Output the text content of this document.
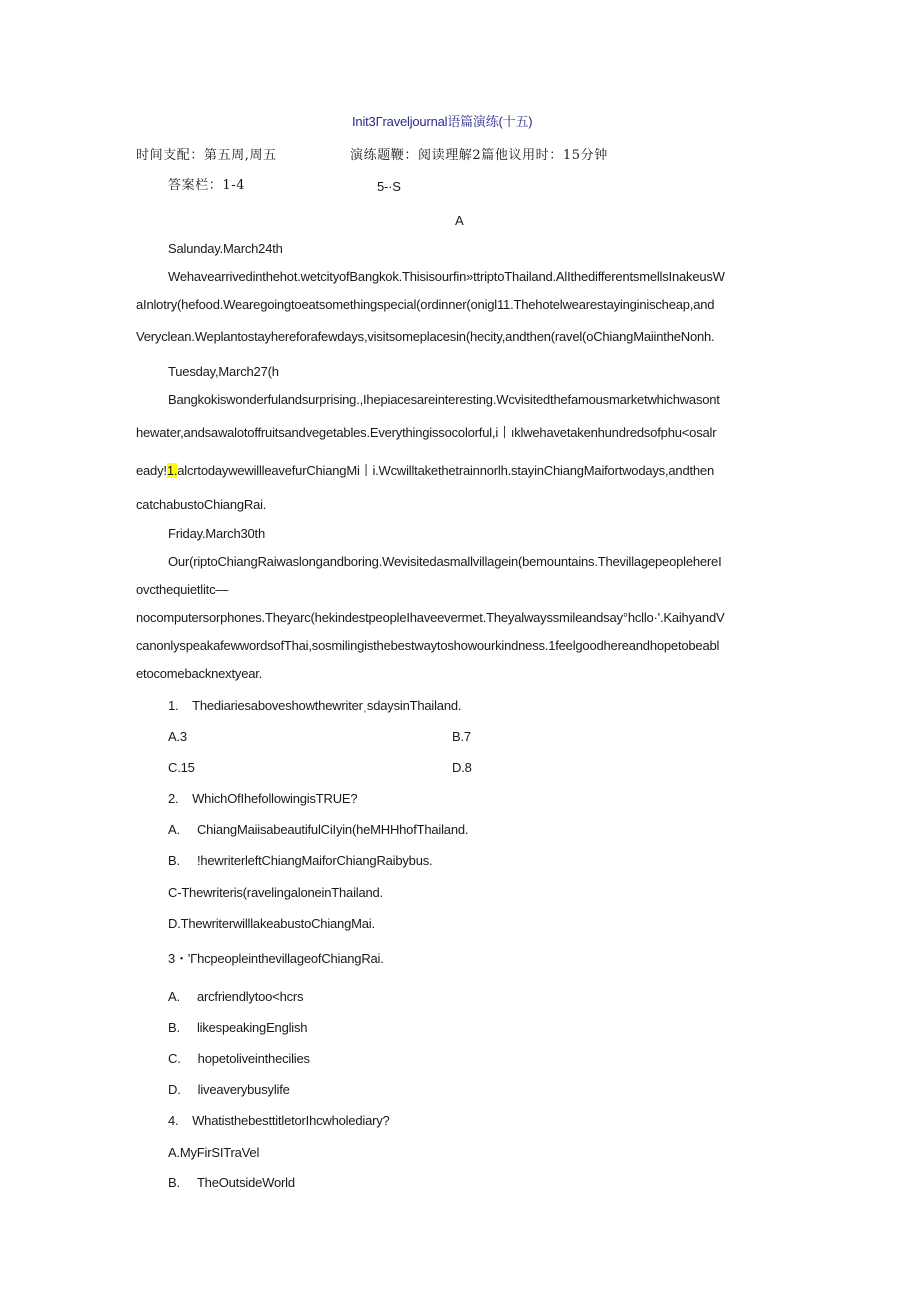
Init3Γraveljournal语篇演练(十五)
时间支配：第五周,周五	演练题鞭：阅读理解2篇他议用时：15分钟
答案栏：1-4	5-·S
A
Salunday.March24th
Wehavearrivedinthehot.wetcityofBangkok.Thisisourfin»ttriptoThailand.AlIthedifferentsmellsInakeusW
aInlotry(hefood.Wearegoingtoeatsomethingspecial(ordinner(onigl11.Thehotelwearestayinginischeap,and
Veryclean.Weplantostayhereforafewdays,visitsomeplacesin(hecity,andthen(ravel(oChiangMaiintheNonh.
Tuesday,March27(h
Bangkokiswonderfulandsurprising.,Ihepiacesareinteresting.Wcvisitedthefamousmarketwhichwasont
hewater,andsawalotoffruitsandvegetables.Everythingissocolorful,i丨ıklwehavetakenhundredsofphu<osalr
eady!1.alcrtodaywewillleavefurChiangMi丨i.Wcwilltakethetrainnorlh.stayinChiangMaifortwodays,andthen
catchabustoChiangRai.
Friday.March30th
Our(riptoChiangRaiwaslongandboring.Wevisitedasmallvillagein(bemountains.ThevillagepeoplehereI
ovcthequietlitc—
nocomputersorphones.Theyarc(hekindestpeopleIhaveevermet.Theyalwayssmileandsay°hcllo·'.KaihyandV
canonlyspeakafewwordsofThai,sosmilingisthebestwaytoshowourkindness.1feelgoodhereandhopetobeabl
etocomebacknextyear.
1.    ThediariesaboveshowthewriterˌsdaysinThailand.
A.3	B.7
C.15	D.8
2.    WhichOfIhefollowingisTRUE?
A.     ChiangMaiisabeautifulCiIyin(heMHHhofThailand.
B.     !hewriterleftChiangMaiforChiangRaibybus.
C-Thewriteris(ravelingaloneinThailand.
D.ThewriterwilllakeabustoChiangMai.
3・'ΓhcpeopleinthevillageofChiangRai.
A.     arcfriendlytoo<hcrs
B.     likespeakingEnglish
C.     hopetoliveinthecilies
D.     liveaverybusylife
4.    WhatisthebesttitletorIhcwholediary?
A.MyFirSITraVel
B.     TheOutsideWorld
